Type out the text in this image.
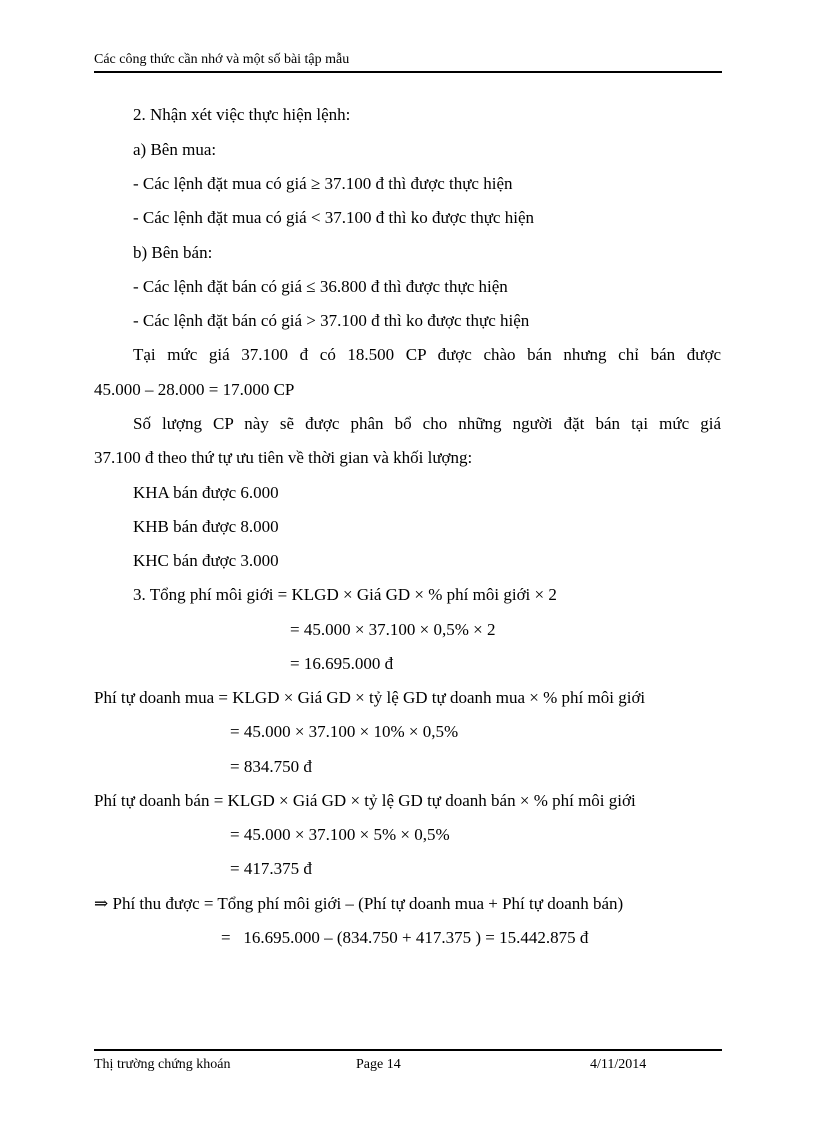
Các công thức cần nhớ và một số bài tập mẫu
2. Nhận xét việc thực hiện lệnh:
a) Bên mua:
- Các lệnh đặt mua có giá ≥ 37.100 đ thì được thực hiện
- Các lệnh đặt mua có giá < 37.100 đ thì ko được thực hiện
b) Bên bán:
- Các lệnh đặt bán có giá ≤ 36.800 đ thì được thực hiện
- Các lệnh đặt bán có giá > 37.100 đ thì ko được thực hiện
Tại mức giá 37.100 đ có 18.500 CP được chào bán nhưng chỉ bán được
45.000 – 28.000 = 17.000 CP
Số lượng CP này sẽ được phân bổ cho những người đặt bán tại mức giá
37.100 đ theo thứ tự ưu tiên về thời gian và khối lượng:
KHA bán được 6.000
KHB bán được 8.000
KHC bán được 3.000
3. Tổng phí môi giới = KLGD × Giá GD × % phí môi giới × 2
= 45.000 × 37.100 × 0,5% × 2
= 16.695.000 đ
Phí tự doanh mua = KLGD × Giá GD × tỷ lệ GD tự doanh mua × % phí môi giới
= 45.000 × 37.100 × 10% × 0,5%
= 834.750 đ
Phí tự doanh bán = KLGD × Giá GD × tỷ lệ GD tự doanh bán × % phí môi giới
= 45.000 × 37.100 × 5% × 0,5%
= 417.375 đ
⇒ Phí thu được = Tổng phí môi giới – (Phí tự doanh mua + Phí tự doanh bán)
=   16.695.000 – (834.750 + 417.375 ) = 15.442.875 đ
Thị trường chứng khoán	Page 14	4/11/2014
